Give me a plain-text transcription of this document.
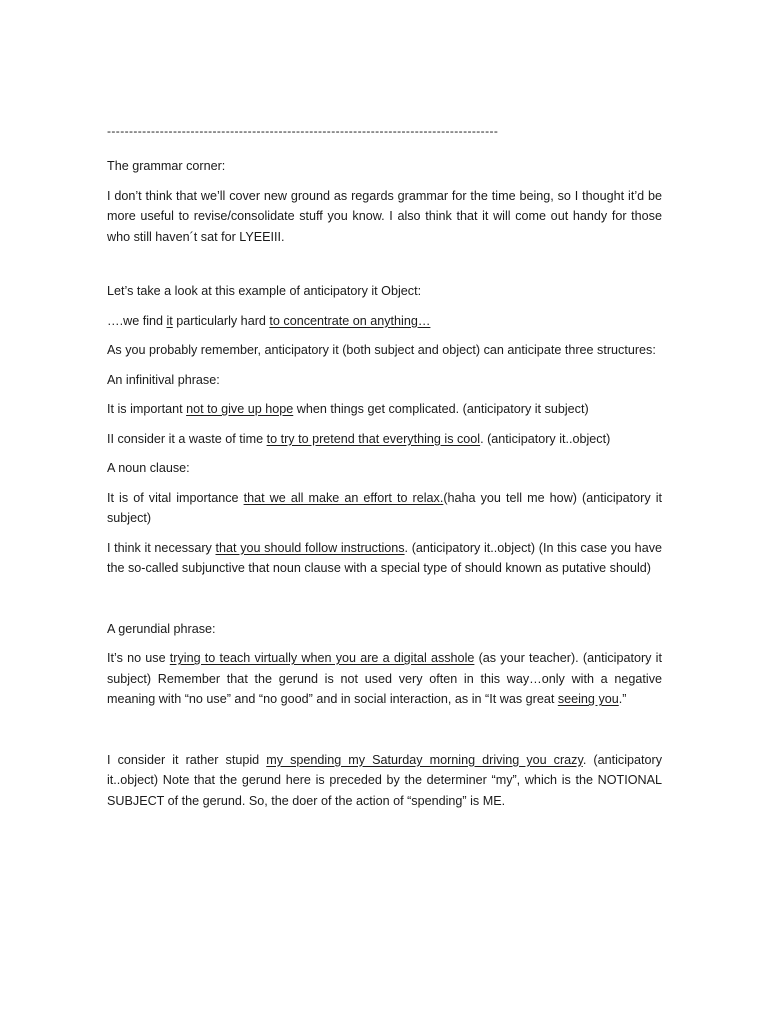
-----------------------------------------------------------------------------------------

The grammar corner:

I don’t think that we’ll cover new ground as regards grammar for the time being, so I thought it’d be more useful to revise/consolidate stuff you know. I also think that it will come out handy for those who still haven´t sat for LYEEIII.

Let’s take a look at this example of anticipatory it Object:

….we find it particularly hard to concentrate on anything…

As you probably remember, anticipatory it (both subject and object) can anticipate three structures:

An infinitival phrase:

It is important not to give up hope when things get complicated. (anticipatory it subject)

II consider it a waste of time to try to pretend that everything is cool. (anticipatory it..object)

A noun clause:

It is of vital importance that we all make an effort to relax.(haha you tell me how) (anticipatory it subject)

I think it necessary that you should follow instructions. (anticipatory it..object) (In this case you have the so-called subjunctive that noun clause with a special type of should known as putative should)

A gerundial phrase:

It’s no use trying to teach virtually when you are a digital asshole (as your teacher). (anticipatory it subject) Remember that the gerund is not used very often in this way…only with a negative meaning with “no use” and “no good” and in social interaction, as in “It was great seeing you.”

I consider it rather stupid my spending my Saturday morning driving you crazy. (anticipatory it..object) Note that the gerund here is preceded by the determiner “my”, which is the NOTIONAL SUBJECT of the gerund. So, the doer of the action of “spending” is ME.
